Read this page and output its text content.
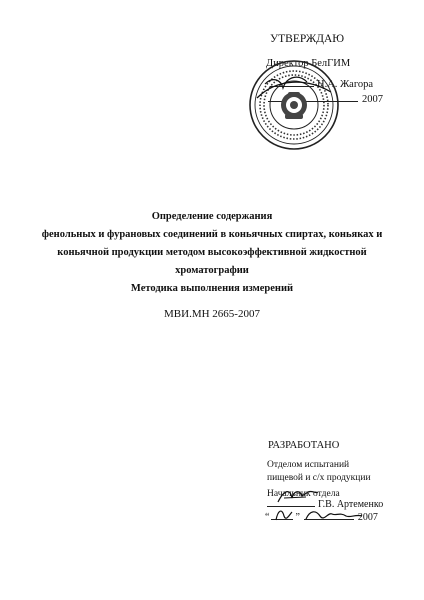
УТВЕРЖДАЮ
Директор БелГИМ
Н.А. Жагора
2007
Определение содержания
фенольных и фурановых соединений в коньячных спиртах, коньяках и
коньячной продукции методом высокоэффективной жидкостной
хроматографии
Методика выполнения измерений
МВИ.МН 2665-2007
РАЗРАБОТАНО
Отделом испытаний
пищевой и с/х продукции
Начальник отдела
Г.В. Артеменко
“	”	2007
